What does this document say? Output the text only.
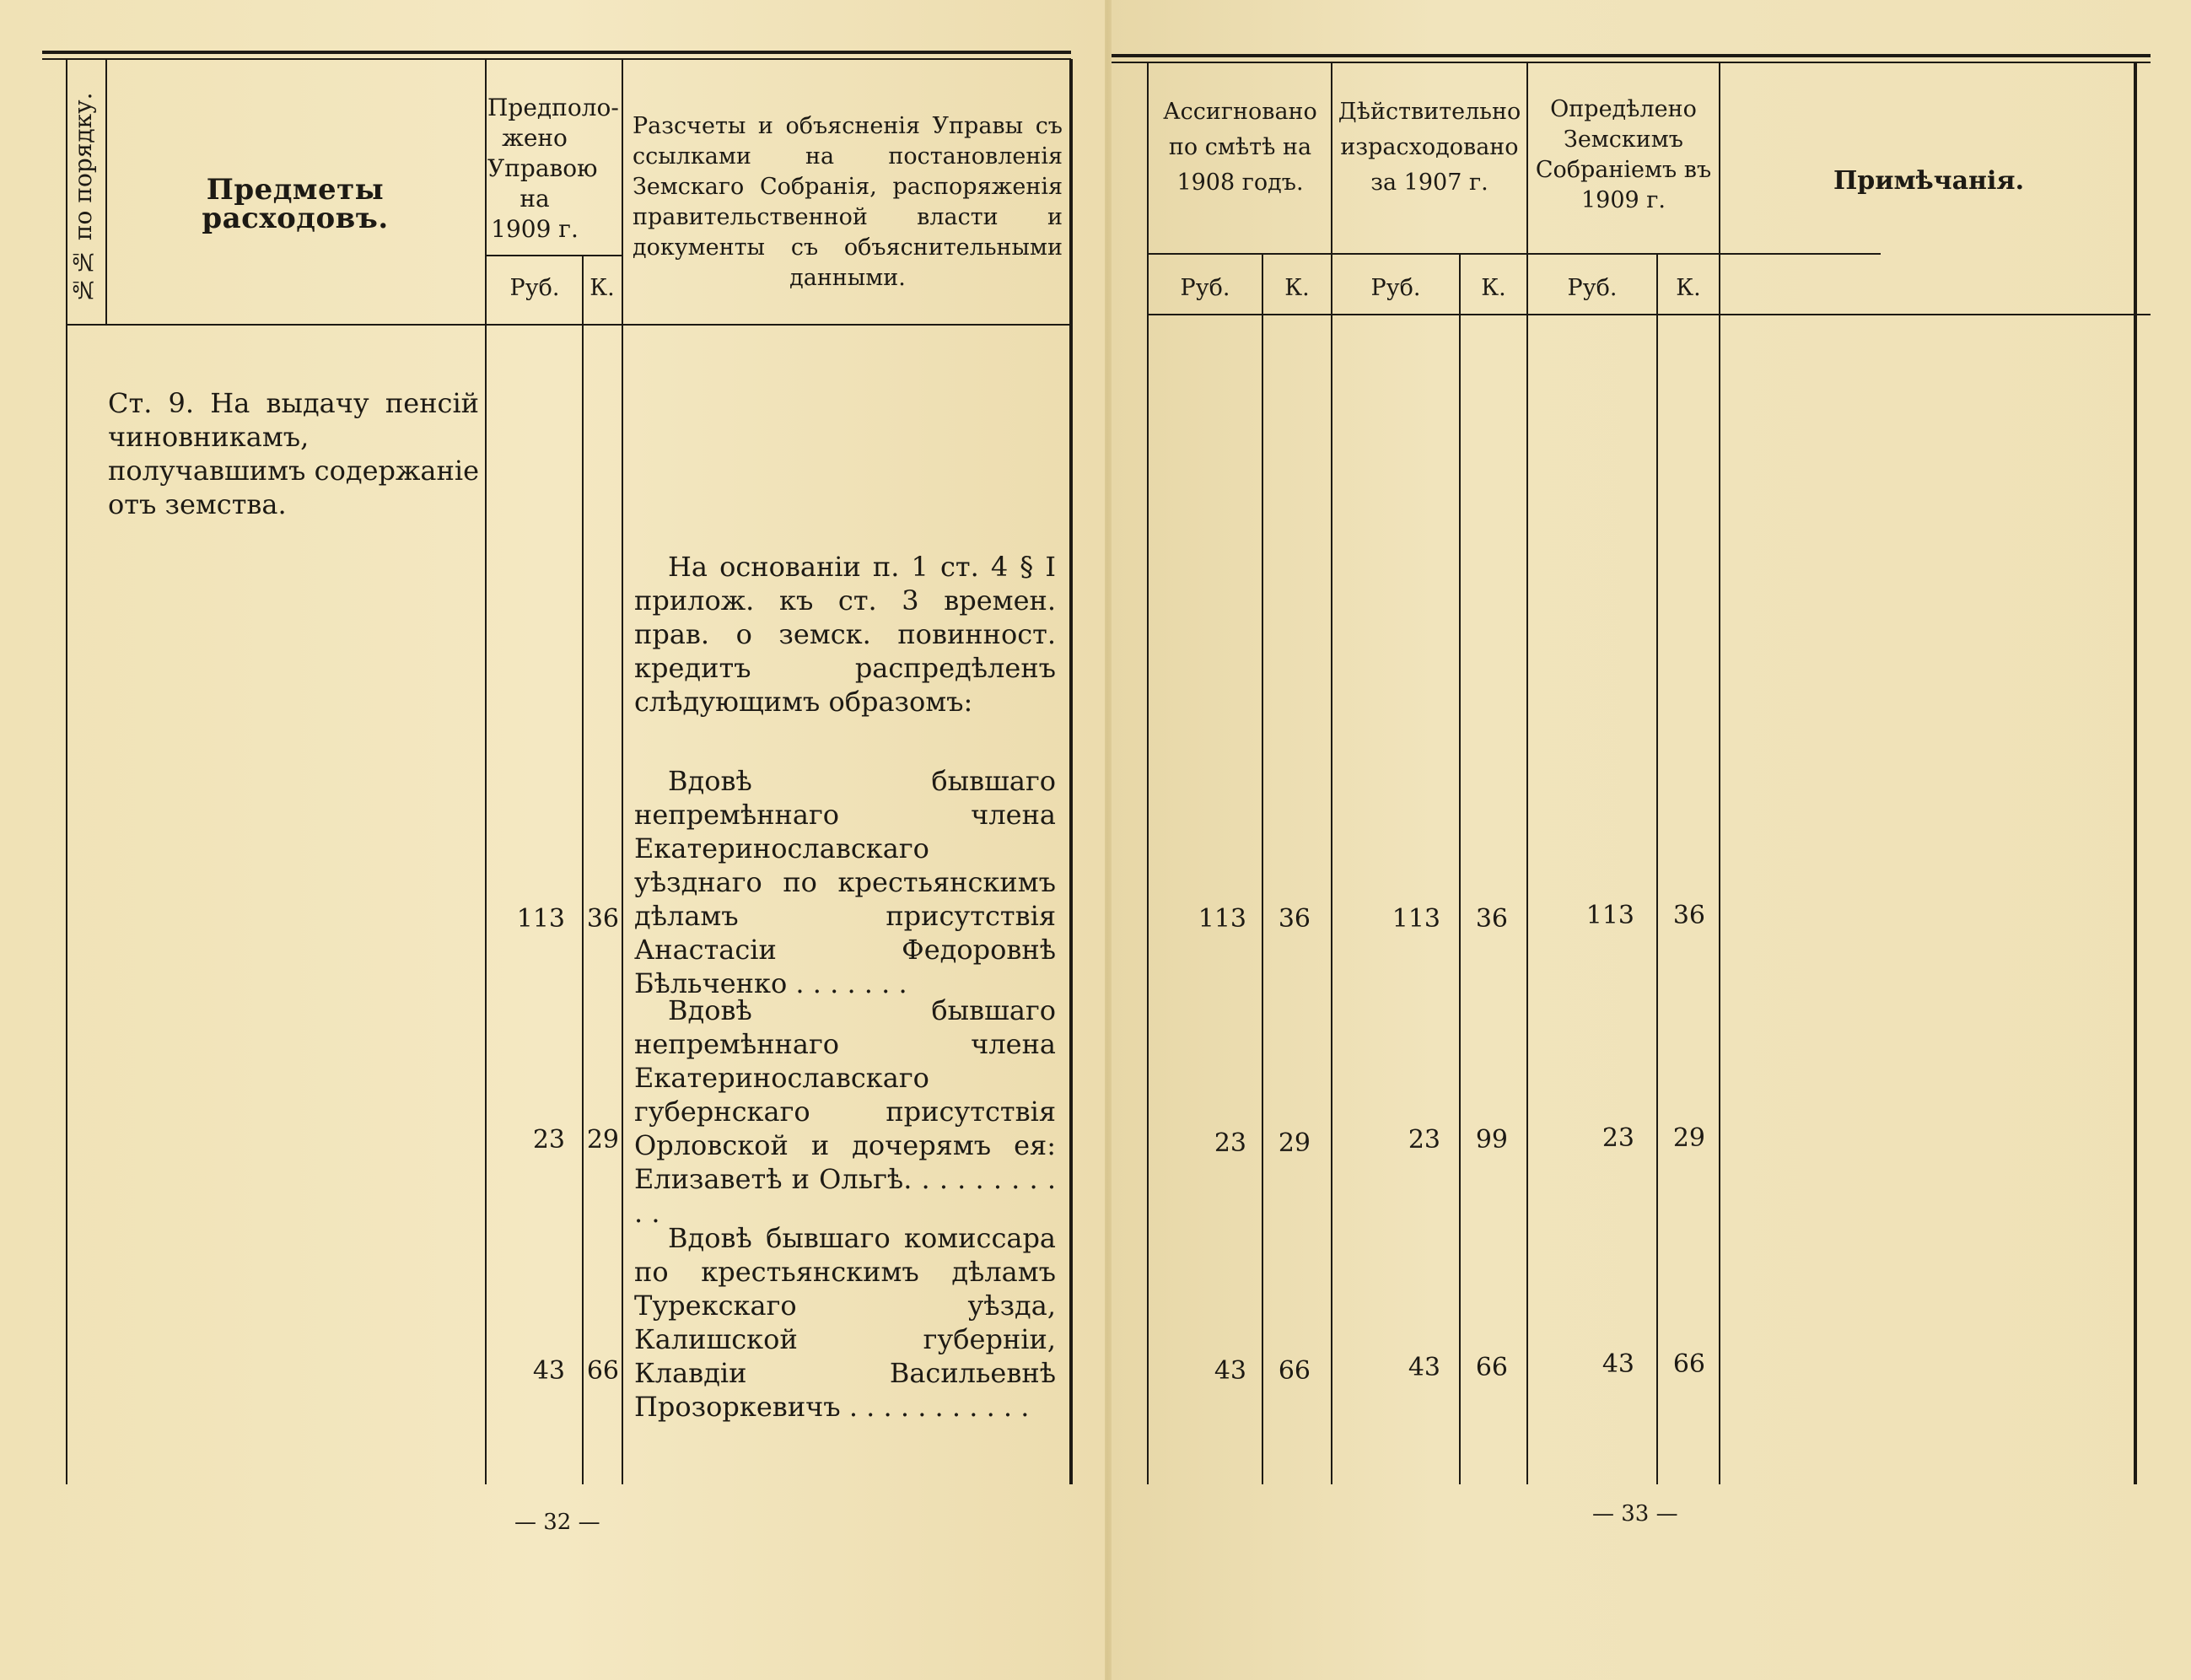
№№ по порядку.	Предметы расходовъ.
Предполо-
жено
Управою
на 1909 г.
Разсчеты и объясненія Управы съ ссылками на постановленія Земскаго Собранія, распоряженія правительственной власти и документы съ объяснительными данными.
Руб.	К.
Ст. 9. На выдачу пенсій чиновникамъ, получавшимъ содержаніе отъ земства.
На основаніи п. 1 ст. 4 § I прилож. къ ст. 3 времен. прав. о земск. повинност. кредитъ распредѣленъ слѣдующимъ образомъ:
Вдовѣ бывшаго непремѣннаго члена Екатеринославскаго уѣзднаго по крестьянскимъ дѣламъ присутствія Анастасіи Федоровнѣ Бѣльченко . . . . . . .
113 36
Вдовѣ бывшаго непремѣннаго члена Екатеринославскаго губернскаго присутствія Орловской и дочерямъ ея: Елизаветѣ и Ольгѣ. . . . . . . . . . .
23 29
Вдовѣ бывшаго комиссара по крестьянскимъ дѣламъ Турекскаго уѣзда, Калишской губерніи, Клавдіи Васильевнѣ Прозоркевичъ . . . . . . . . . . .
43 66
— 32 —
Ассигновано по смѣтѣ на 1908 годъ.
Дѣйствительно израсходовано за 1907 г.
Опредѣлено Земскимъ Собраніемъ въ 1909 г.
Примѣчанія.
Руб.	К.	Руб.	К.	Руб.	К.
113	36	113	36	113	36
23	29	23	99	23	29
43	66	43	66	43	66
— 33 —
